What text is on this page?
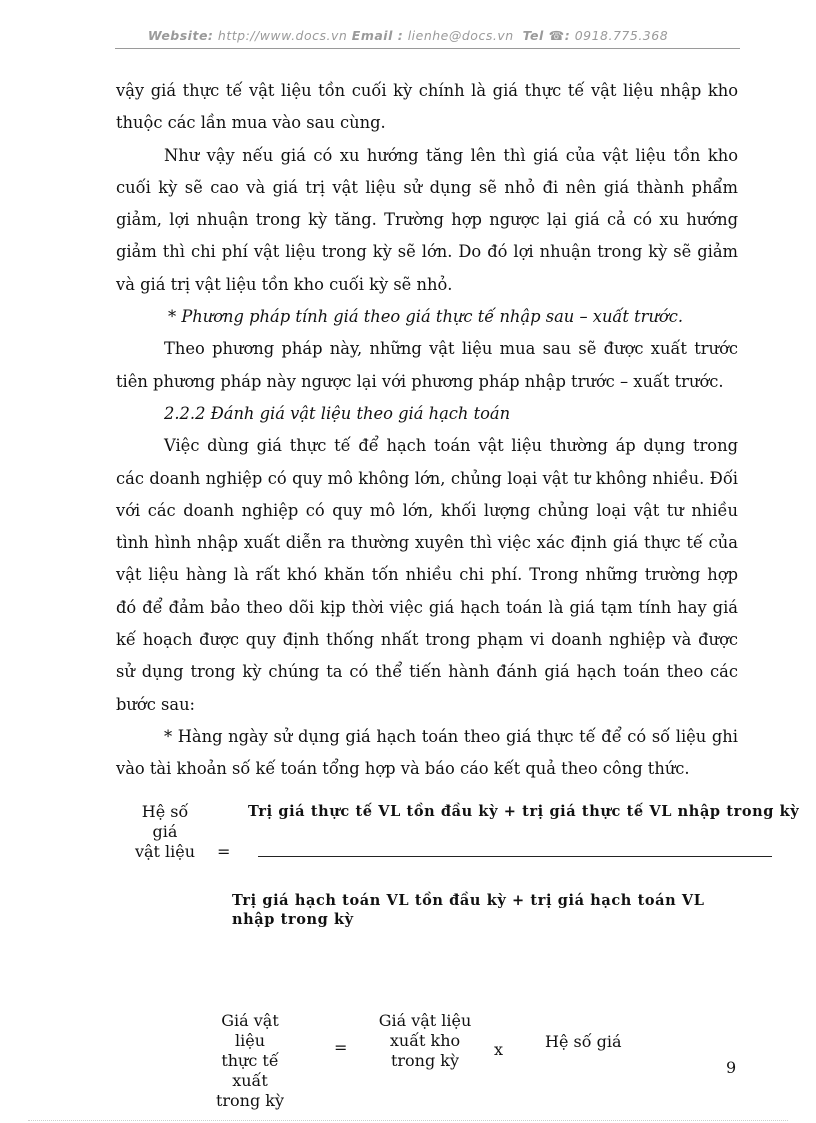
Website: http://www.docs.vn Email : lienhe@docs.vn Tel ☎: 0918.775.368

vậy giá thực tế vật liệu tồn cuối kỳ chính là giá thực tế vật liệu nhập kho thuộc các lần mua vào sau cùng.

Như vậy nếu giá có xu hướng tăng lên thì giá của vật liệu tồn kho cuối kỳ sẽ cao và giá trị vật liệu sử dụng sẽ nhỏ đi nên giá thành phẩm giảm, lợi nhuận trong kỳ tăng. Trường hợp ngược lại giá cả có xu hướng giảm thì chi phí vật liệu trong kỳ sẽ lớn. Do đó lợi nhuận trong kỳ sẽ giảm và giá trị vật liệu tồn kho cuối kỳ sẽ nhỏ.

* Phương pháp tính giá theo giá thực tế nhập sau – xuất trước.

Theo phương pháp này, những vật liệu mua sau sẽ được xuất trước tiên phương pháp này ngược lại với phương pháp nhập trước – xuất trước.

2.2.2 Đánh giá vật liệu theo giá hạch toán

Việc dùng giá thực tế để hạch toán vật liệu thường áp dụng trong các doanh nghiệp có quy mô không lớn, chủng loại vật tư không nhiều. Đối với các doanh nghiệp có quy mô lớn, khối lượng chủng loại vật tư nhiều tình hình nhập xuất diễn ra thường xuyên thì việc xác định giá thực tế của vật liệu hàng là rất khó khăn tốn nhiều chi phí. Trong những trường hợp đó để đảm bảo theo dõi kịp thời việc giá hạch toán là giá tạm tính hay giá kế hoạch được quy định thống nhất trong phạm vi doanh nghiệp và được sử dụng trong kỳ chúng ta có thể tiến hành đánh giá hạch toán theo các bước sau:

* Hàng ngày sử dụng giá hạch toán theo giá thực tế để có số liệu ghi vào tài khoản số kế toán tổng hợp và báo cáo kết quả theo công thức.

Hệ số
giá
vật liệu	=
Trị giá thực tế VL tồn đầu kỳ + trị giá thực tế VL nhập trong kỳ
Trị giá hạch toán VL tồn đầu kỳ + trị giá hạch toán VL nhập trong kỳ
Giá vật liệu
thực tế
xuất
trong kỳ
=
Giá vật liệu
xuất kho
trong kỳ
x	Hệ số giá
9
